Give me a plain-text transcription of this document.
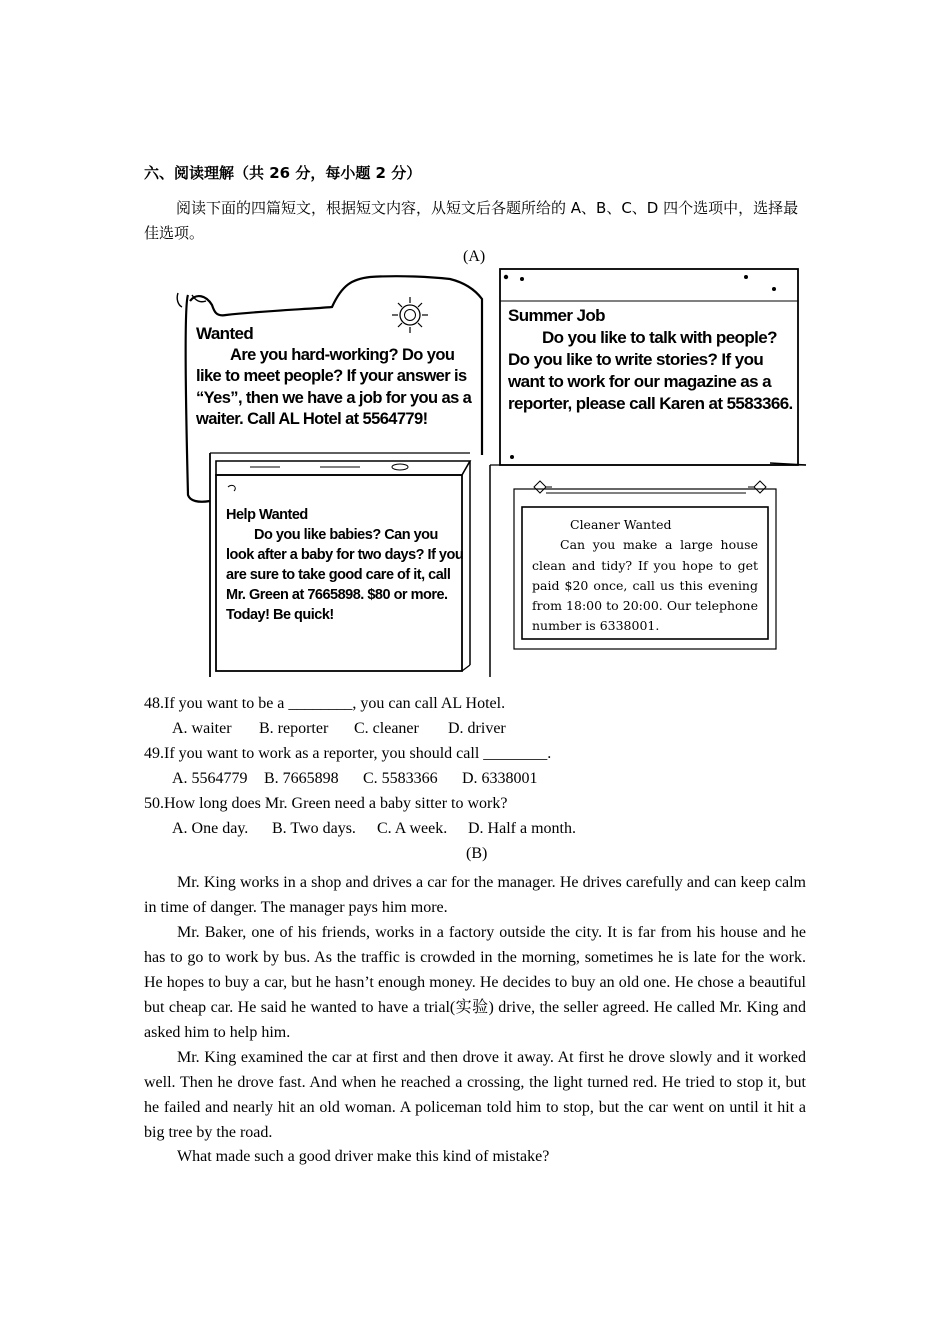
六、阅读理解（共 26 分，每小题 2 分）
阅读下面的四篇短文，根据短文内容，从短文后各题所给的 A、B、C、D 四个选项中，选择最佳选项。
(A)
Wanted
Are you hard-working? Do you like to meet people? If your answer is “Yes”, then we have a job for you as a waiter. Call AL Hotel at 5564779!
Summer Job
Do you like to talk with people? Do you like to write stories? If you want to work for our magazine as a reporter, please call Karen at 5583366.
Help Wanted
Do you like babies? Can you look after a baby for two days? If you are sure to take good care of it, call Mr. Green at 7665898. $80 or more. Today! Be quick!
Cleaner Wanted
Can you make a large house clean and tidy? If you hope to get paid $20 once, call us this evening from 18:00 to 20:00. Our telephone number is 6338001.
48.If you want to be a ________, you can call AL Hotel.
A. waiter B. reporter C. cleaner D. driver
49.If you want to work as a reporter, you should call ________.
A. 5564779 B. 7665898 C. 5583366 D. 6338001
50.How long does Mr. Green need a baby sitter to work?
A. One day. B. Two days. C. A week. D. Half a month.
(B)
Mr. King works in a shop and drives a car for the manager. He drives carefully and can keep calm in time of danger. The manager pays him more.
Mr. Baker, one of his friends, works in a factory outside the city. It is far from his house and he has to go to work by bus. As the traffic is crowded in the morning, sometimes he is late for the work. He hopes to buy a car, but he hasn’t enough money. He decides to buy an old one. He chose a beautiful but cheap car. He said he wanted to have a trial(实验) drive, the seller agreed. He called Mr. King and asked him to help him.
Mr. King examined the car at first and then drove it away. At first he drove slowly and it worked well. Then he drove fast. And when he reached a crossing, the light turned red. He tried to stop it, but he failed and nearly hit an old woman. A policeman told him to stop, but the car went on until it hit a big tree by the road.
What made such a good driver make this kind of mistake?
